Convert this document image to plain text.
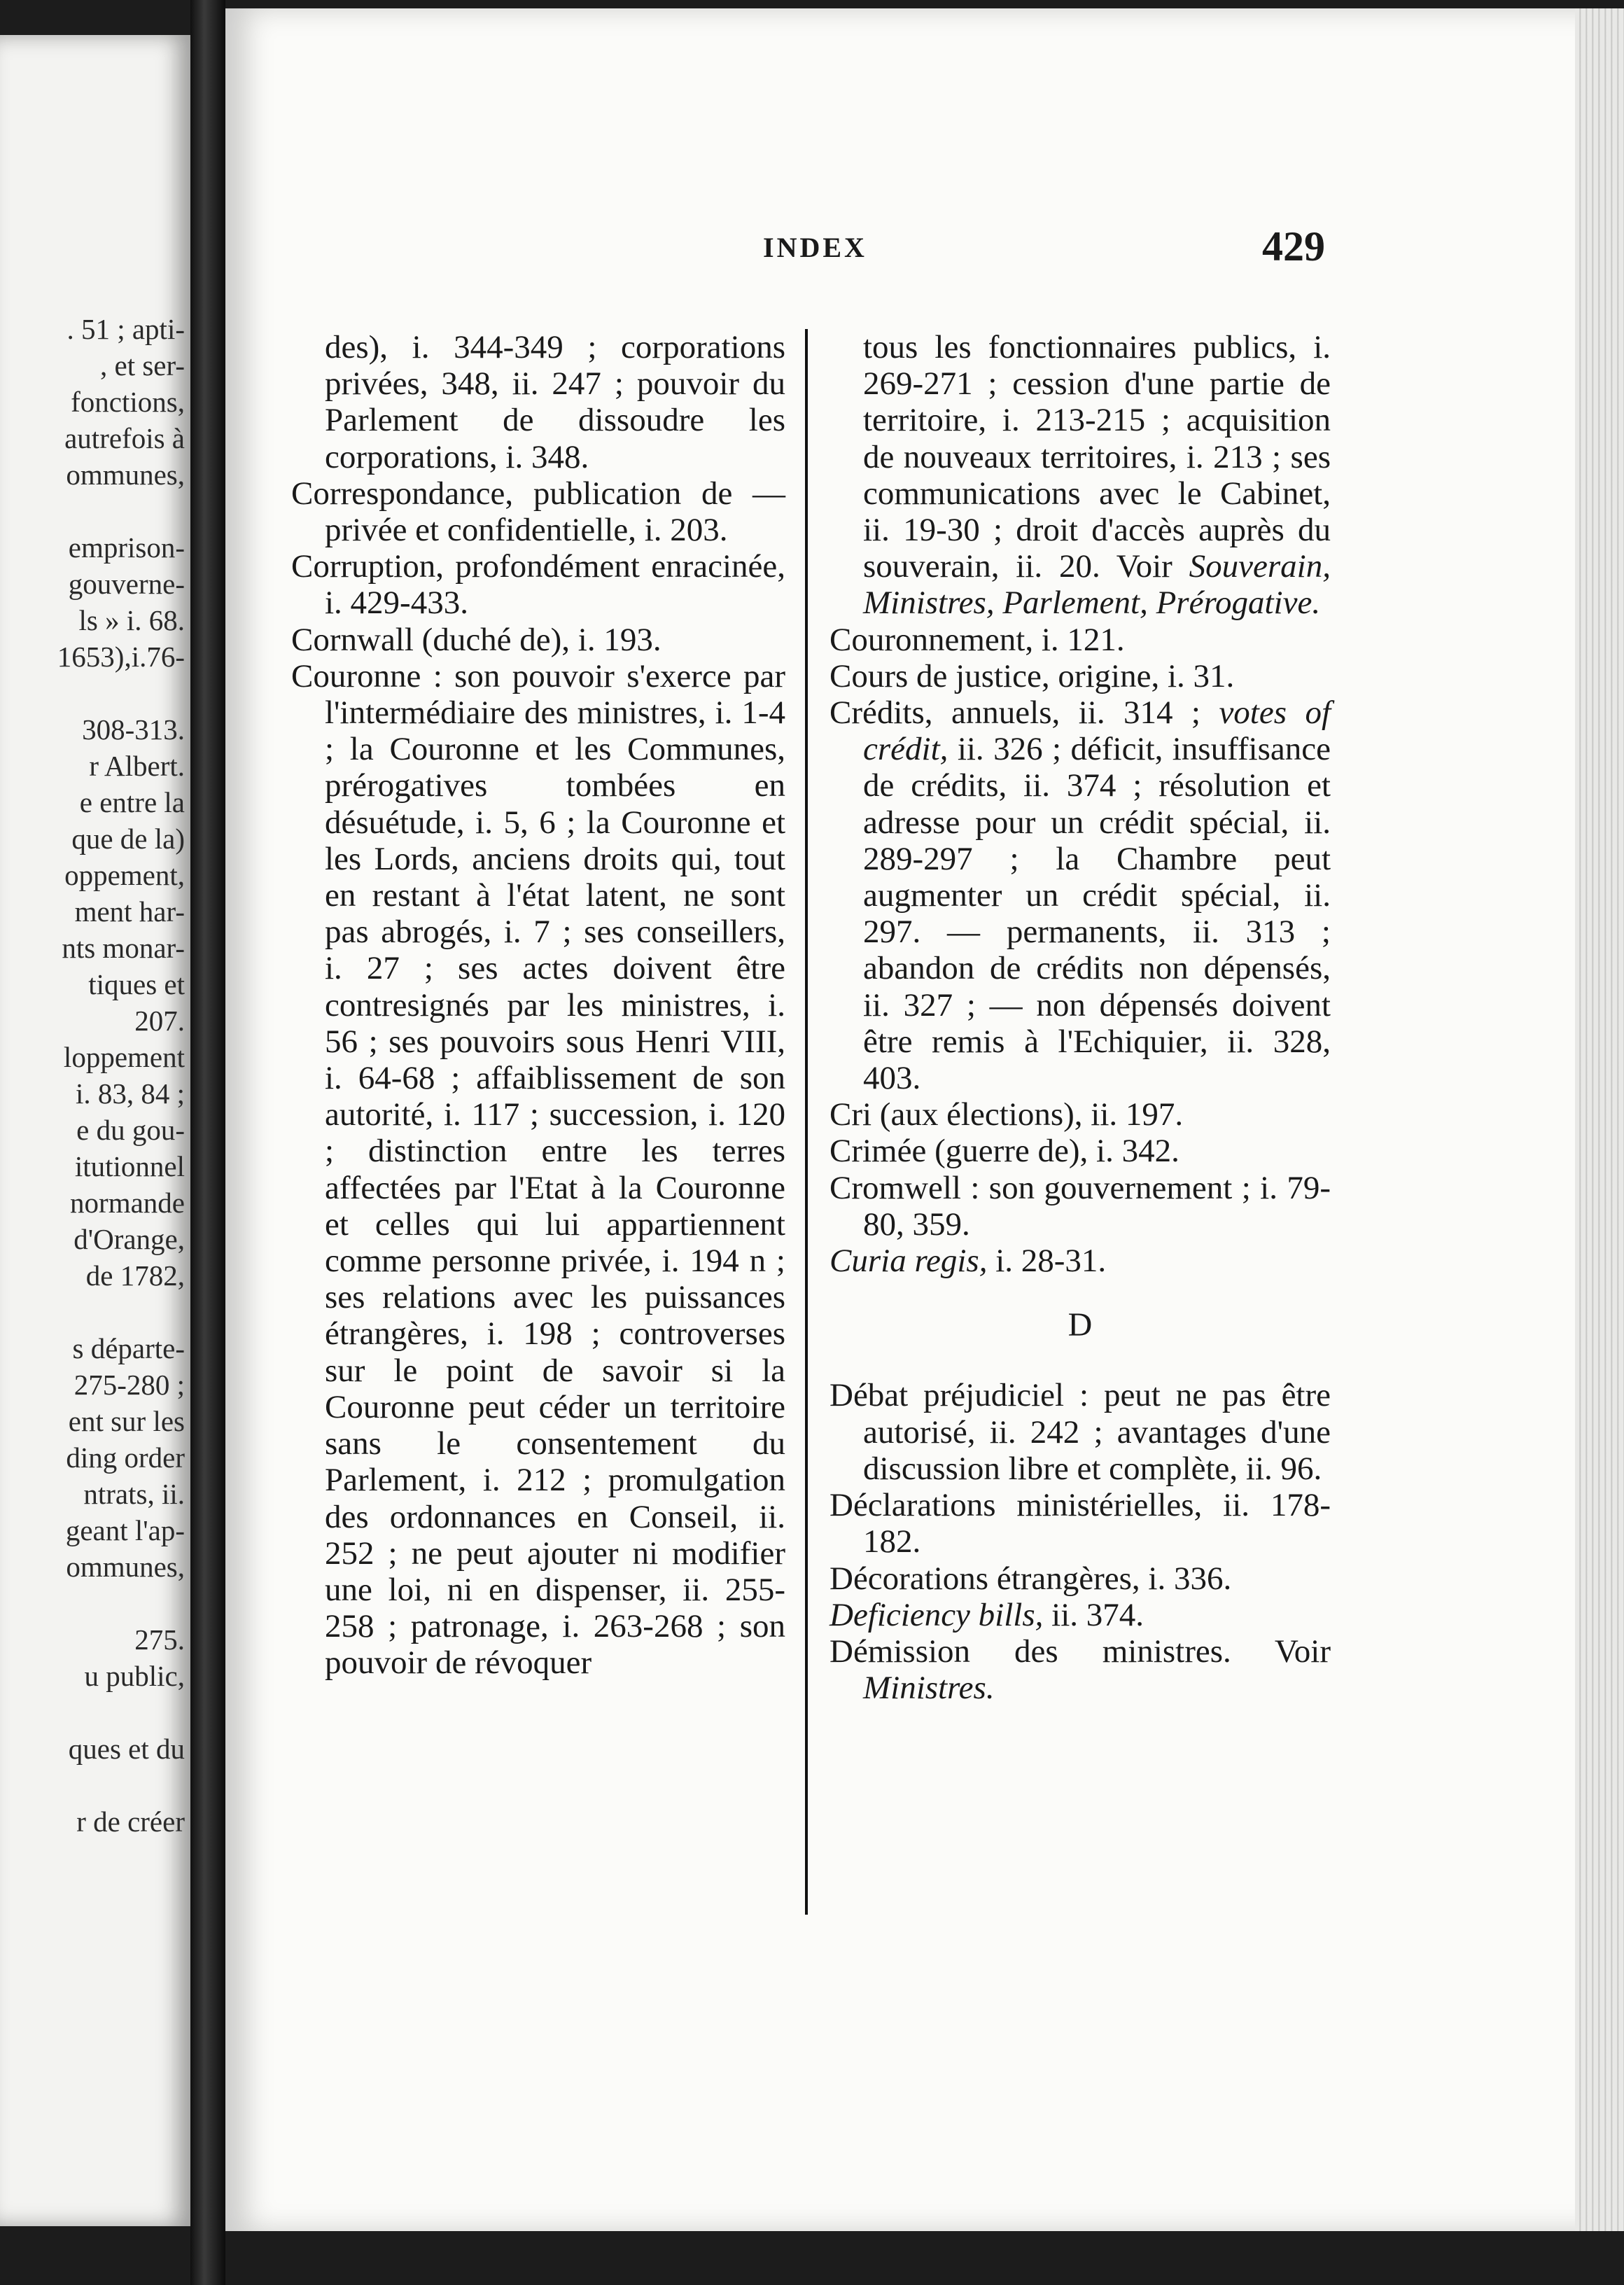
. 51 ; apti-
, et ser-
fonctions,
autrefois à
ommunes,
emprison-
gouverne-
ls » i. 68.
1653),i.76-
308-313.
r Albert.
e entre la
que de la)
oppement,
ment har-
nts monar-
tiques et
207.
loppement
i. 83, 84 ;
e du gou-
itutionnel
normande
d'Orange,
de 1782,
s départe-
275-280 ;
ent sur les
ding order
ntrats, ii.
geant l'ap-
ommunes,
275.
u public,
ques et du
r de créer
INDEX	429

des), i. 344-349 ; corporations privées, 348, ii. 247 ; pouvoir du Parlement de dissoudre les corporations, i. 348.

Correspondance, publication de — privée et confidentielle, i. 203.

Corruption, profondément enracinée, i. 429-433.

Cornwall (duché de), i. 193.

Couronne : son pouvoir s'exerce par l'intermédiaire des ministres, i. 1-4 ; la Couronne et les Communes, prérogatives tombées en désuétude, i. 5, 6 ; la Couronne et les Lords, anciens droits qui, tout en restant à l'état latent, ne sont pas abrogés, i. 7 ; ses conseillers, i. 27 ; ses actes doivent être contresignés par les ministres, i. 56 ; ses pouvoirs sous Henri VIII, i. 64-68 ; affaiblissement de son autorité, i. 117 ; succession, i. 120 ; distinction entre les terres affectées par l'Etat à la Couronne et celles qui lui appartiennent comme personne privée, i. 194 n ; ses relations avec les puissances étrangères, i. 198 ; controverses sur le point de savoir si la Couronne peut céder un territoire sans le consentement du Parlement, i. 212 ; promulgation des ordonnances en Conseil, ii. 252 ; ne peut ajouter ni modifier une loi, ni en dispenser, ii. 255-258 ; patronage, i. 263-268 ; son pouvoir de révoquer

tous les fonctionnaires publics, i. 269-271 ; cession d'une partie de territoire, i. 213-215 ; acquisition de nouveaux territoires, i. 213 ; ses communications avec le Cabinet, ii. 19-30 ; droit d'accès auprès du souverain, ii. 20. Voir Souverain, Ministres, Parlement, Prérogative.

Couronnement, i. 121.

Cours de justice, origine, i. 31.

Crédits, annuels, ii. 314 ; votes of crédit, ii. 326 ; déficit, insuffisance de crédits, ii. 374 ; résolution et adresse pour un crédit spécial, ii. 289-297 ; la Chambre peut augmenter un crédit spécial, ii. 297. — permanents, ii. 313 ; abandon de crédits non dépensés, ii. 327 ; — non dépensés doivent être remis à l'Echiquier, ii. 328, 403.

Cri (aux élections), ii. 197.

Crimée (guerre de), i. 342.

Cromwell : son gouvernement ; i. 79-80, 359.

Curia regis, i. 28-31.

D

Débat préjudiciel : peut ne pas être autorisé, ii. 242 ; avantages d'une discussion libre et complète, ii. 96.

Déclarations ministérielles, ii. 178-182.

Décorations étrangères, i. 336.

Deficiency bills, ii. 374.

Démission des ministres. Voir Ministres.
